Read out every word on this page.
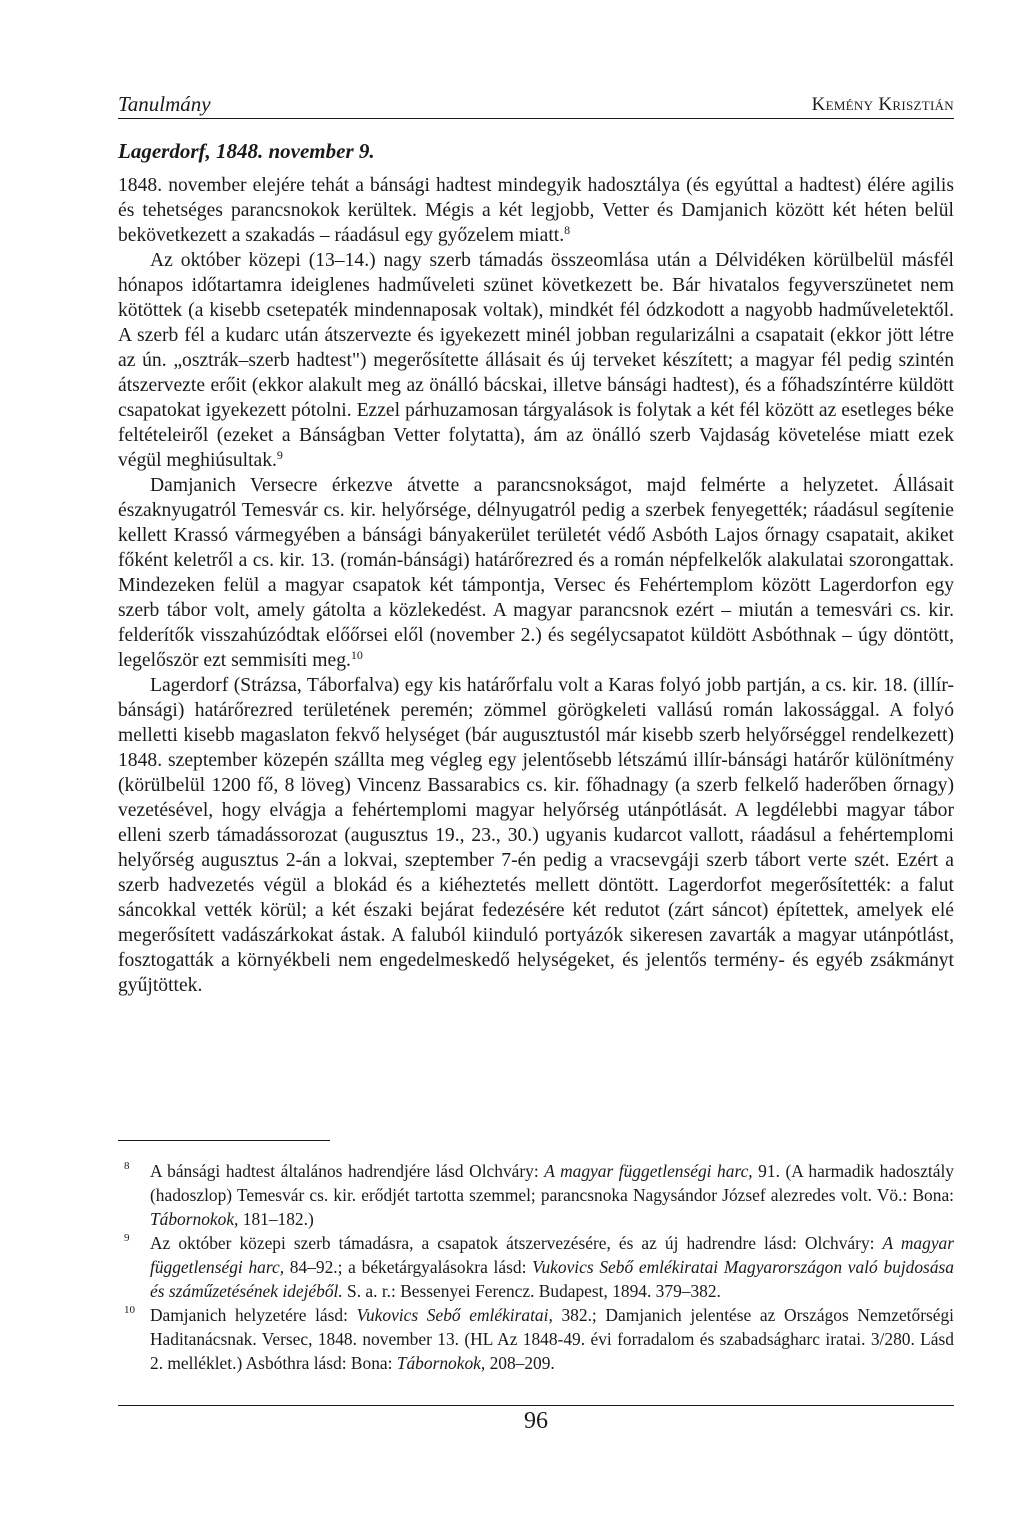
Tanulmány	Kemény Krisztián
Lagerdorf, 1848. november 9.

1848. november elejére tehát a bánsági hadtest mindegyik hadosztálya (és egyúttal a hadtest) élére agilis és tehetséges parancsnokok kerültek. Mégis a két legjobb, Vetter és Damjanich között két héten belül bekövetkezett a szakadás – ráadásul egy győzelem miatt.$^8$

Az október közepi (13–14.) nagy szerb támadás összeomlása után a Délvidéken körülbelül másfél hónapos időtartamra ideiglenes hadműveleti szünet következett be. Bár hivatalos fegyverszünetet nem kötöttek (a kisebb csetepaték mindennaposak voltak), mindkét fél ódzkodott a nagyobb hadműveletektől. A szerb fél a kudarc után átszervezte és igyekezett minél jobban regularizálni a csapatait (ekkor jött létre az ún. „osztrák–szerb hadtest") megerősítette állásait és új terveket készített; a magyar fél pedig szintén átszervezte erőit (ekkor alakult meg az önálló bácskai, illetve bánsági hadtest), és a főhadszíntérre küldött csapatokat igyekezett pótolni. Ezzel párhuzamosan tárgyalások is folytak a két fél között az esetleges béke feltételeiről (ezeket a Bánságban Vetter folytatta), ám az önálló szerb Vajdaság követelése miatt ezek végül meghiúsultak.$^9$

Damjanich Versecre érkezve átvette a parancsnokságot, majd felmérte a helyzetet. Állásait északnyugatról Temesvár cs. kir. helyőrsége, délnyugatról pedig a szerbek fenyegették; ráadásul segítenie kellett Krassó vármegyében a bánsági bányakerület területét védő Asbóth Lajos őrnagy csapatait, akiket főként keletről a cs. kir. 13. (román-bánsági) határőrezred és a román népfelkelők alakulatai szorongattak. Mindezeken felül a magyar csapatok két támpontja, Versec és Fehértemplom között Lagerdorfon egy szerb tábor volt, amely gátolta a közlekedést. A magyar parancsnok ezért – miután a temesvári cs. kir. felderítők visszahúzódtak előőrsei elől (november 2.) és segélycsapatot küldött Asbóthnak – úgy döntött, legelőször ezt semmisíti meg.$^{10}$

Lagerdorf (Strázsa, Táborfalva) egy kis határőrfalu volt a Karas folyó jobb partján, a cs. kir. 18. (illír-bánsági) határőrezred területének peremén; zömmel görögkeleti vallású román lakossággal. A folyó melletti kisebb magaslaton fekvő helységet (bár augusztustól már kisebb szerb helyőrséggel rendelkezett) 1848. szeptember közepén szállta meg végleg egy jelentősebb létszámú illír-bánsági határőr különítmény (körülbelül 1200 fő, 8 löveg) Vincenz Bassarabics cs. kir. főhadnagy (a szerb felkelő haderőben őrnagy) vezetésével, hogy elvágja a fehértemplomi magyar helyőrség utánpótlását. A legdélebbi magyar tábor elleni szerb támadássorozat (augusztus 19., 23., 30.) ugyanis kudarcot vallott, ráadásul a fehértemplomi helyőrség augusztus 2-án a lokvai, szeptember 7-én pedig a vracsevgáji szerb tábort verte szét. Ezért a szerb hadvezetés végül a blokád és a kiéheztetés mellett döntött. Lagerdorfot megerősítették: a falut sáncokkal vették körül; a két északi bejárat fedezésére két redutot (zárt sáncot) építettek, amelyek elé megerősített vadászárkokat ástak. A faluból kiinduló portyázók sikeresen zavarták a magyar utánpótlást, fosztogatták a környékbeli nem engedelmeskedő helységeket, és jelentős termény- és egyéb zsákmányt gyűjtöttek.

8 A bánsági hadtest általános hadrendjére lásd Olchváry: A magyar függetlenségi harc, 91. (A harmadik hadosztály (hadoszlop) Temesvár cs. kir. erődjét tartotta szemmel; parancsnoka Nagysándor József alezredes volt. Vö.: Bona: Tábornokok, 181–182.)
9 Az október közepi szerb támadásra, a csapatok átszervezésére, és az új hadrendre lásd: Olchváry: A magyar függetlenségi harc, 84–92.; a béketárgyalásokra lásd: Vukovics Sebő emlékiratai Magyarországon való bujdosása és száműzetésének idejéből. S. a. r.: Bessenyei Ferencz. Budapest, 1894. 379–382.
10 Damjanich helyzetére lásd: Vukovics Sebő emlékiratai, 382.; Damjanich jelentése az Országos Nemzetőrségi Haditanácsnak. Versec, 1848. november 13. (HL Az 1848-49. évi forradalom és szabadságharc iratai. 3/280. Lásd 2. melléklet.) Asbóthra lásd: Bona: Tábornokok, 208–209.
96
